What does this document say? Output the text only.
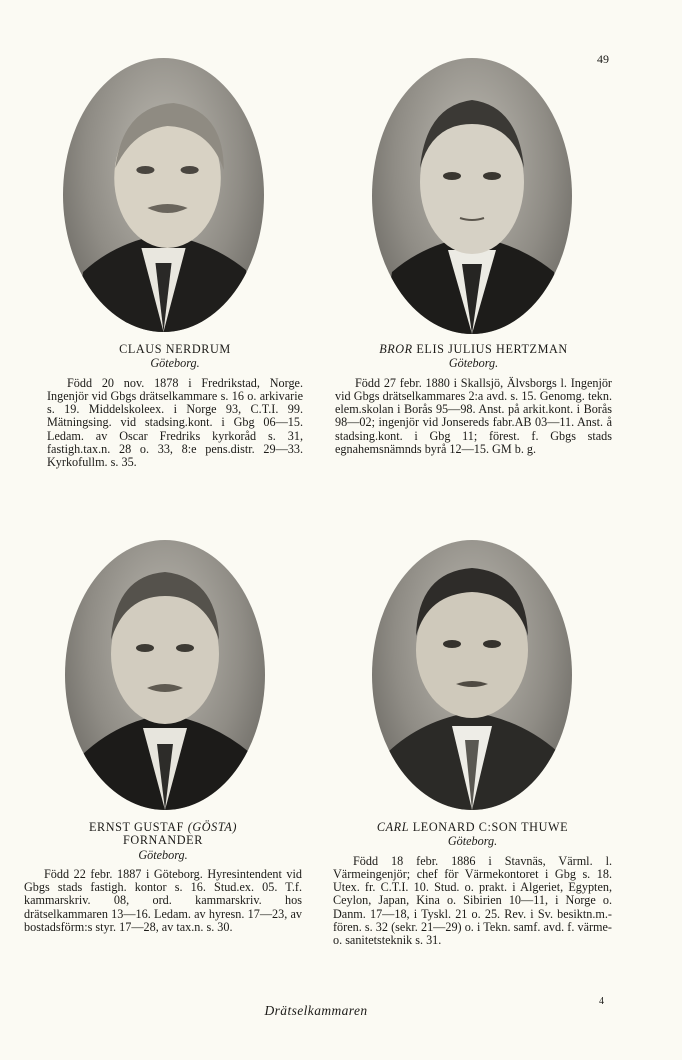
49
CLAUS NERDRUM
Göteborg.
Född 20 nov. 1878 i Fredrikstad, Norge. Ingenjör vid Gbgs drätselkammare s. 16 o. arkivarie s. 19. Middelskoleex. i Norge 93, C.T.I. 99. Mätningsing. vid stadsing.kont. i Gbg 06—15. Ledam. av Oscar Fredriks kyrkoråd s. 31, fastigh.tax.n. 28 o. 33, 8:e pens.distr. 29—33. Kyrkofullm. s. 35.
BROR ELIS JULIUS HERTZMAN
Göteborg.
Född 27 febr. 1880 i Skallsjö, Älvsborgs l. Ingenjör vid Gbgs drätselkammares 2:a avd. s. 15. Genomg. tekn. elem.skolan i Borås 95—98. Anst. på arkit.kont. i Borås 98—02; ingenjör vid Jonsereds fabr.AB 03—11. Anst. å stadsing.kont. i Gbg 11; förest. f. Gbgs stads egnahemsnämnds byrå 12—15. GM b. g.
ERNST GUSTAF (GÖSTA)
FORNANDER
Göteborg.
Född 22 febr. 1887 i Göteborg. Hyresintendent vid Gbgs stads fastigh. kontor s. 16. Stud.ex. 05. T.f. kammarskriv. 08, ord. kammarskriv. hos drätselkammaren 13—16. Ledam. av hyresn. 17—23, av bostadsförm:s styr. 17—28, av tax.n. s. 30.
CARL LEONARD C:SON THUWE
Göteborg.
Född 18 febr. 1886 i Stavnäs, Värml. l. Värmeingenjör; chef för Värmekontoret i Gbg s. 18. Utex. fr. C.T.I. 10. Stud. o. prakt. i Algeriet, Egypten, Ceylon, Japan, Kina o. Sibirien 10—11, i Norge o. Danm. 17—18, i Tyskl. 21 o. 25. Rev. i Sv. besiktn.m.-fören. s. 32 (sekr. 21—29) o. i Tekn. samf. avd. f. värme- o. sanitetsteknik s. 31.
Drätselkammaren
4
